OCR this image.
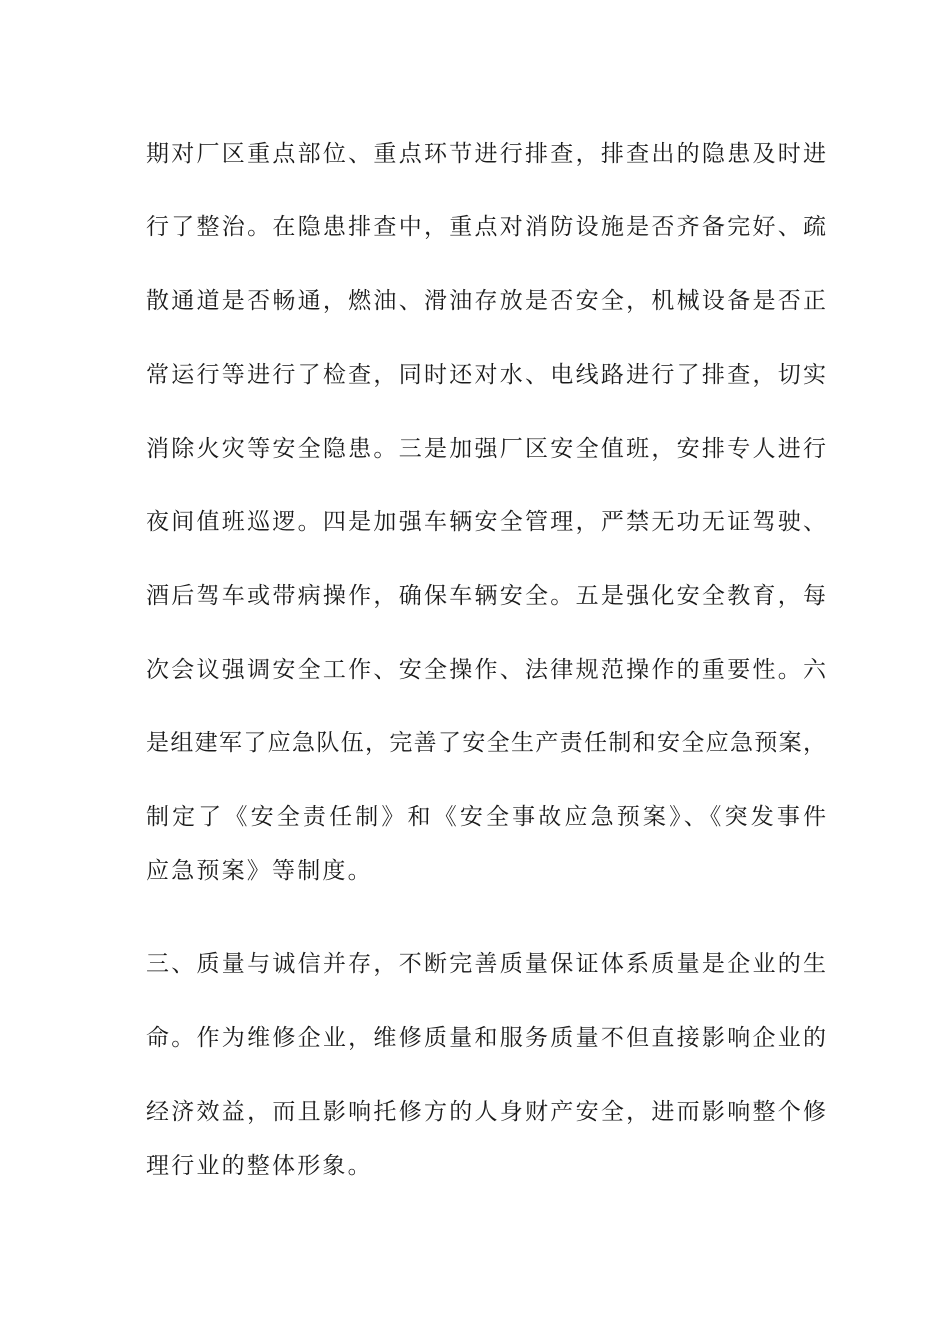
期对厂区重点部位、重点环节进行排查，排查出的隐患及时进
行了整治。在隐患排查中，重点对消防设施是否齐备完好、疏
散通道是否畅通，燃油、滑油存放是否安全，机械设备是否正
常运行等进行了检查，同时还对水、电线路进行了排查，切实
消除火灾等安全隐患。三是加强厂区安全值班，安排专人进行
夜间值班巡逻。四是加强车辆安全管理，严禁无功无证驾驶、
酒后驾车或带病操作，确保车辆安全。五是强化安全教育，每
次会议强调安全工作、安全操作、法律规范操作的重要性。六
是组建军了应急队伍，完善了安全生产责任制和安全应急预案，
制定了《安全责任制》和《安全事故应急预案》、《突发事件
应急预案》等制度。
三、质量与诚信并存，不断完善质量保证体系质量是企业的生
命。作为维修企业，维修质量和服务质量不但直接影响企业的
经济效益，而且影响托修方的人身财产安全，进而影响整个修
理行业的整体形象。
